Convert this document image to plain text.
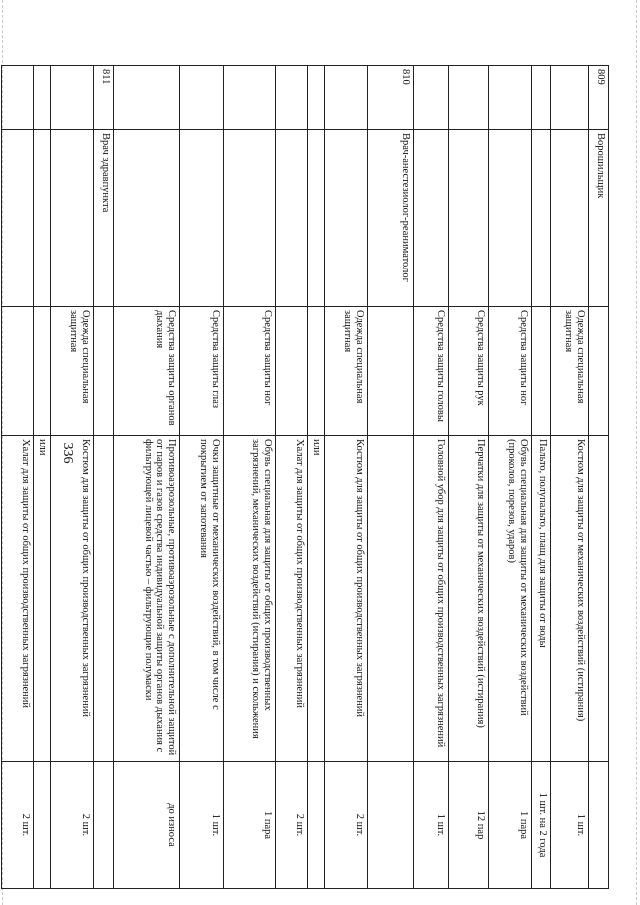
336
809	Ворошильщик			
		Одежда специальная защитная	Костюм для защиты от механических воздействий (истирания)	1 шт.
			Пальто, полупальто, плащ для защиты от воды	1 шт. на 2 года
		Средства защиты ног	Обувь специальная для защиты от механических воздействий (проколов, порезов, ударов)	1 пара
		Средства защиты рук	Перчатки для защиты от механических воздействий (истирания)	12 пар
		Средства защиты головы	Головной убор для защиты от общих производственных загрязнений	1 шт.
810	Врач-анестезиолог-реаниматолог			
		Одежда специальная защитная	Костюм для защиты от общих производственных загрязнений	2 шт.
			или	
			Халат для защиты от общих производственных загрязнений	2 шт.
		Средства защиты ног	Обувь специальная для защиты от общих производственных загрязнений, механических воздействий (истирания) и скольжения	1 пара
		Средства защиты глаз	Очки защитные от механических воздействий, в том числе с покрытием от запотевания	1 шт.
		Средства защиты органов дыхания	Противоаэрозольные, противоаэрозольные с дополнительной защитой от паров и газов средства индивидуальной защиты органов дыхания с фильтрующей лицевой частью – фильтрующие полумаски	до износа
811	Врач здравпункта			
		Одежда специальная защитная	Костюм для защиты от общих производственных загрязнений	2 шт.
			или	
			Халат для защиты от общих производственных загрязнений	2 шт.
